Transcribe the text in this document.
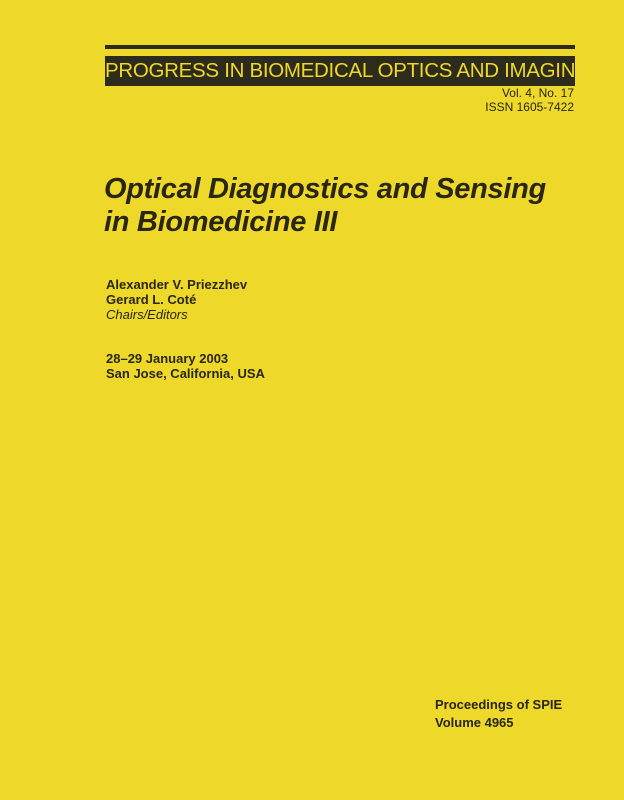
PROGRESS IN BIOMEDICAL OPTICS AND IMAGING
Vol. 4, No. 17
ISSN 1605-7422
Optical Diagnostics and Sensing
in Biomedicine III
Alexander V. Priezzhev
Gerard L. Coté
Chairs/Editors
28–29 January 2003
San Jose, California, USA
Proceedings of SPIE
Volume 4965
